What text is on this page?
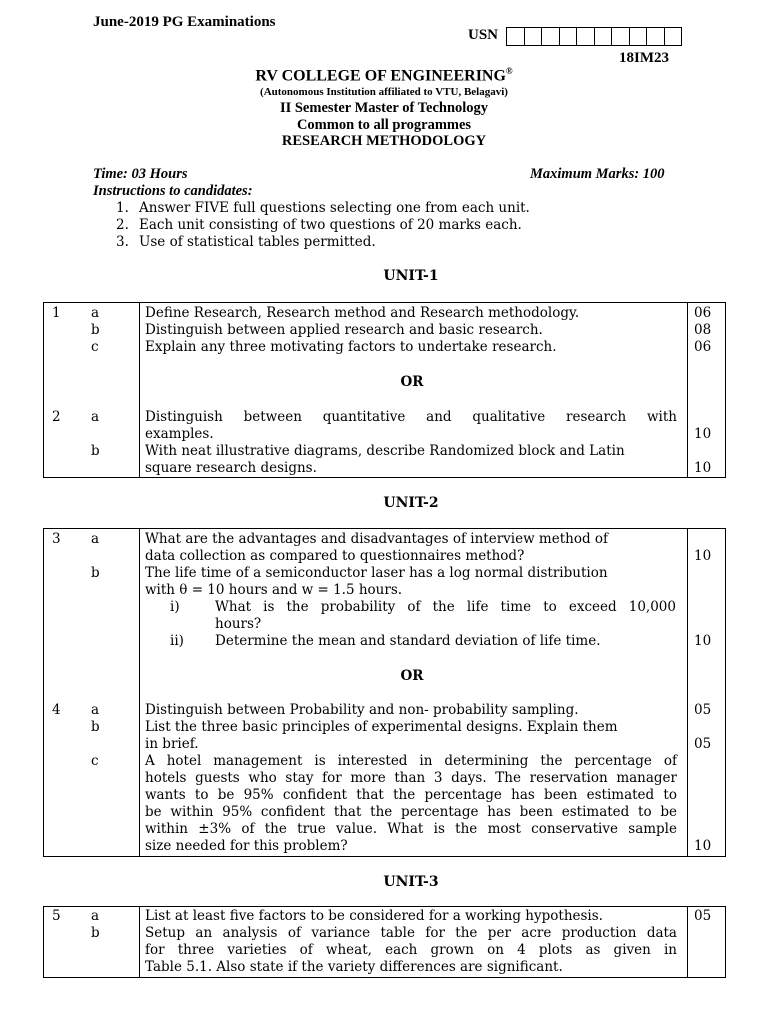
June-2019 PG Examinations
USN
18IM23
RV COLLEGE OF ENGINEERING®
(Autonomous Institution affiliated to VTU, Belagavi)
II Semester Master of Technology
Common to all programmes
RESEARCH METHODOLOGY
Time: 03 Hours	Maximum Marks: 100
Instructions to candidates:
1. Answer FIVE full questions selecting one from each unit.
2. Each unit consisting of two questions of 20 marks each.
3. Use of statistical tables permitted.
UNIT-1
1 a	Define Research, Research method and Research methodology.	06
b	Distinguish between applied research and basic research.	08
c	Explain any three motivating factors to undertake research.	06
OR
2 a	Distinguish between quantitative and qualitative research with
examples.	10
b	With neat illustrative diagrams, describe Randomized block and Latin
square research designs.	10
UNIT-2
3 a	What are the advantages and disadvantages of interview method of
data collection as compared to questionnaires method?	10
b	The life time of a semiconductor laser has a log normal distribution
with θ = 10 hours and w = 1.5 hours.
i)	What is the probability of the life time to exceed 10,000
hours?
ii) Determine the mean and standard deviation of life time.	10
OR
4 a	Distinguish between Probability and non- probability sampling.	05
b	List the three basic principles of experimental designs. Explain them
in brief.	05
c	A hotel management is interested in determining the percentage of
hotels guests who stay for more than 3 days. The reservation manager
wants to be 95% confident that the percentage has been estimated to
be within 95% confident that the percentage has been estimated to be
within ±3% of the true value. What is the most conservative sample
size needed for this problem?	10
UNIT-3
5 a	List at least five factors to be considered for a working hypothesis.	05
b	Setup an analysis of variance table for the per acre production data
for three varieties of wheat, each grown on 4 plots as given in
Table 5.1. Also state if the variety differences are significant.
